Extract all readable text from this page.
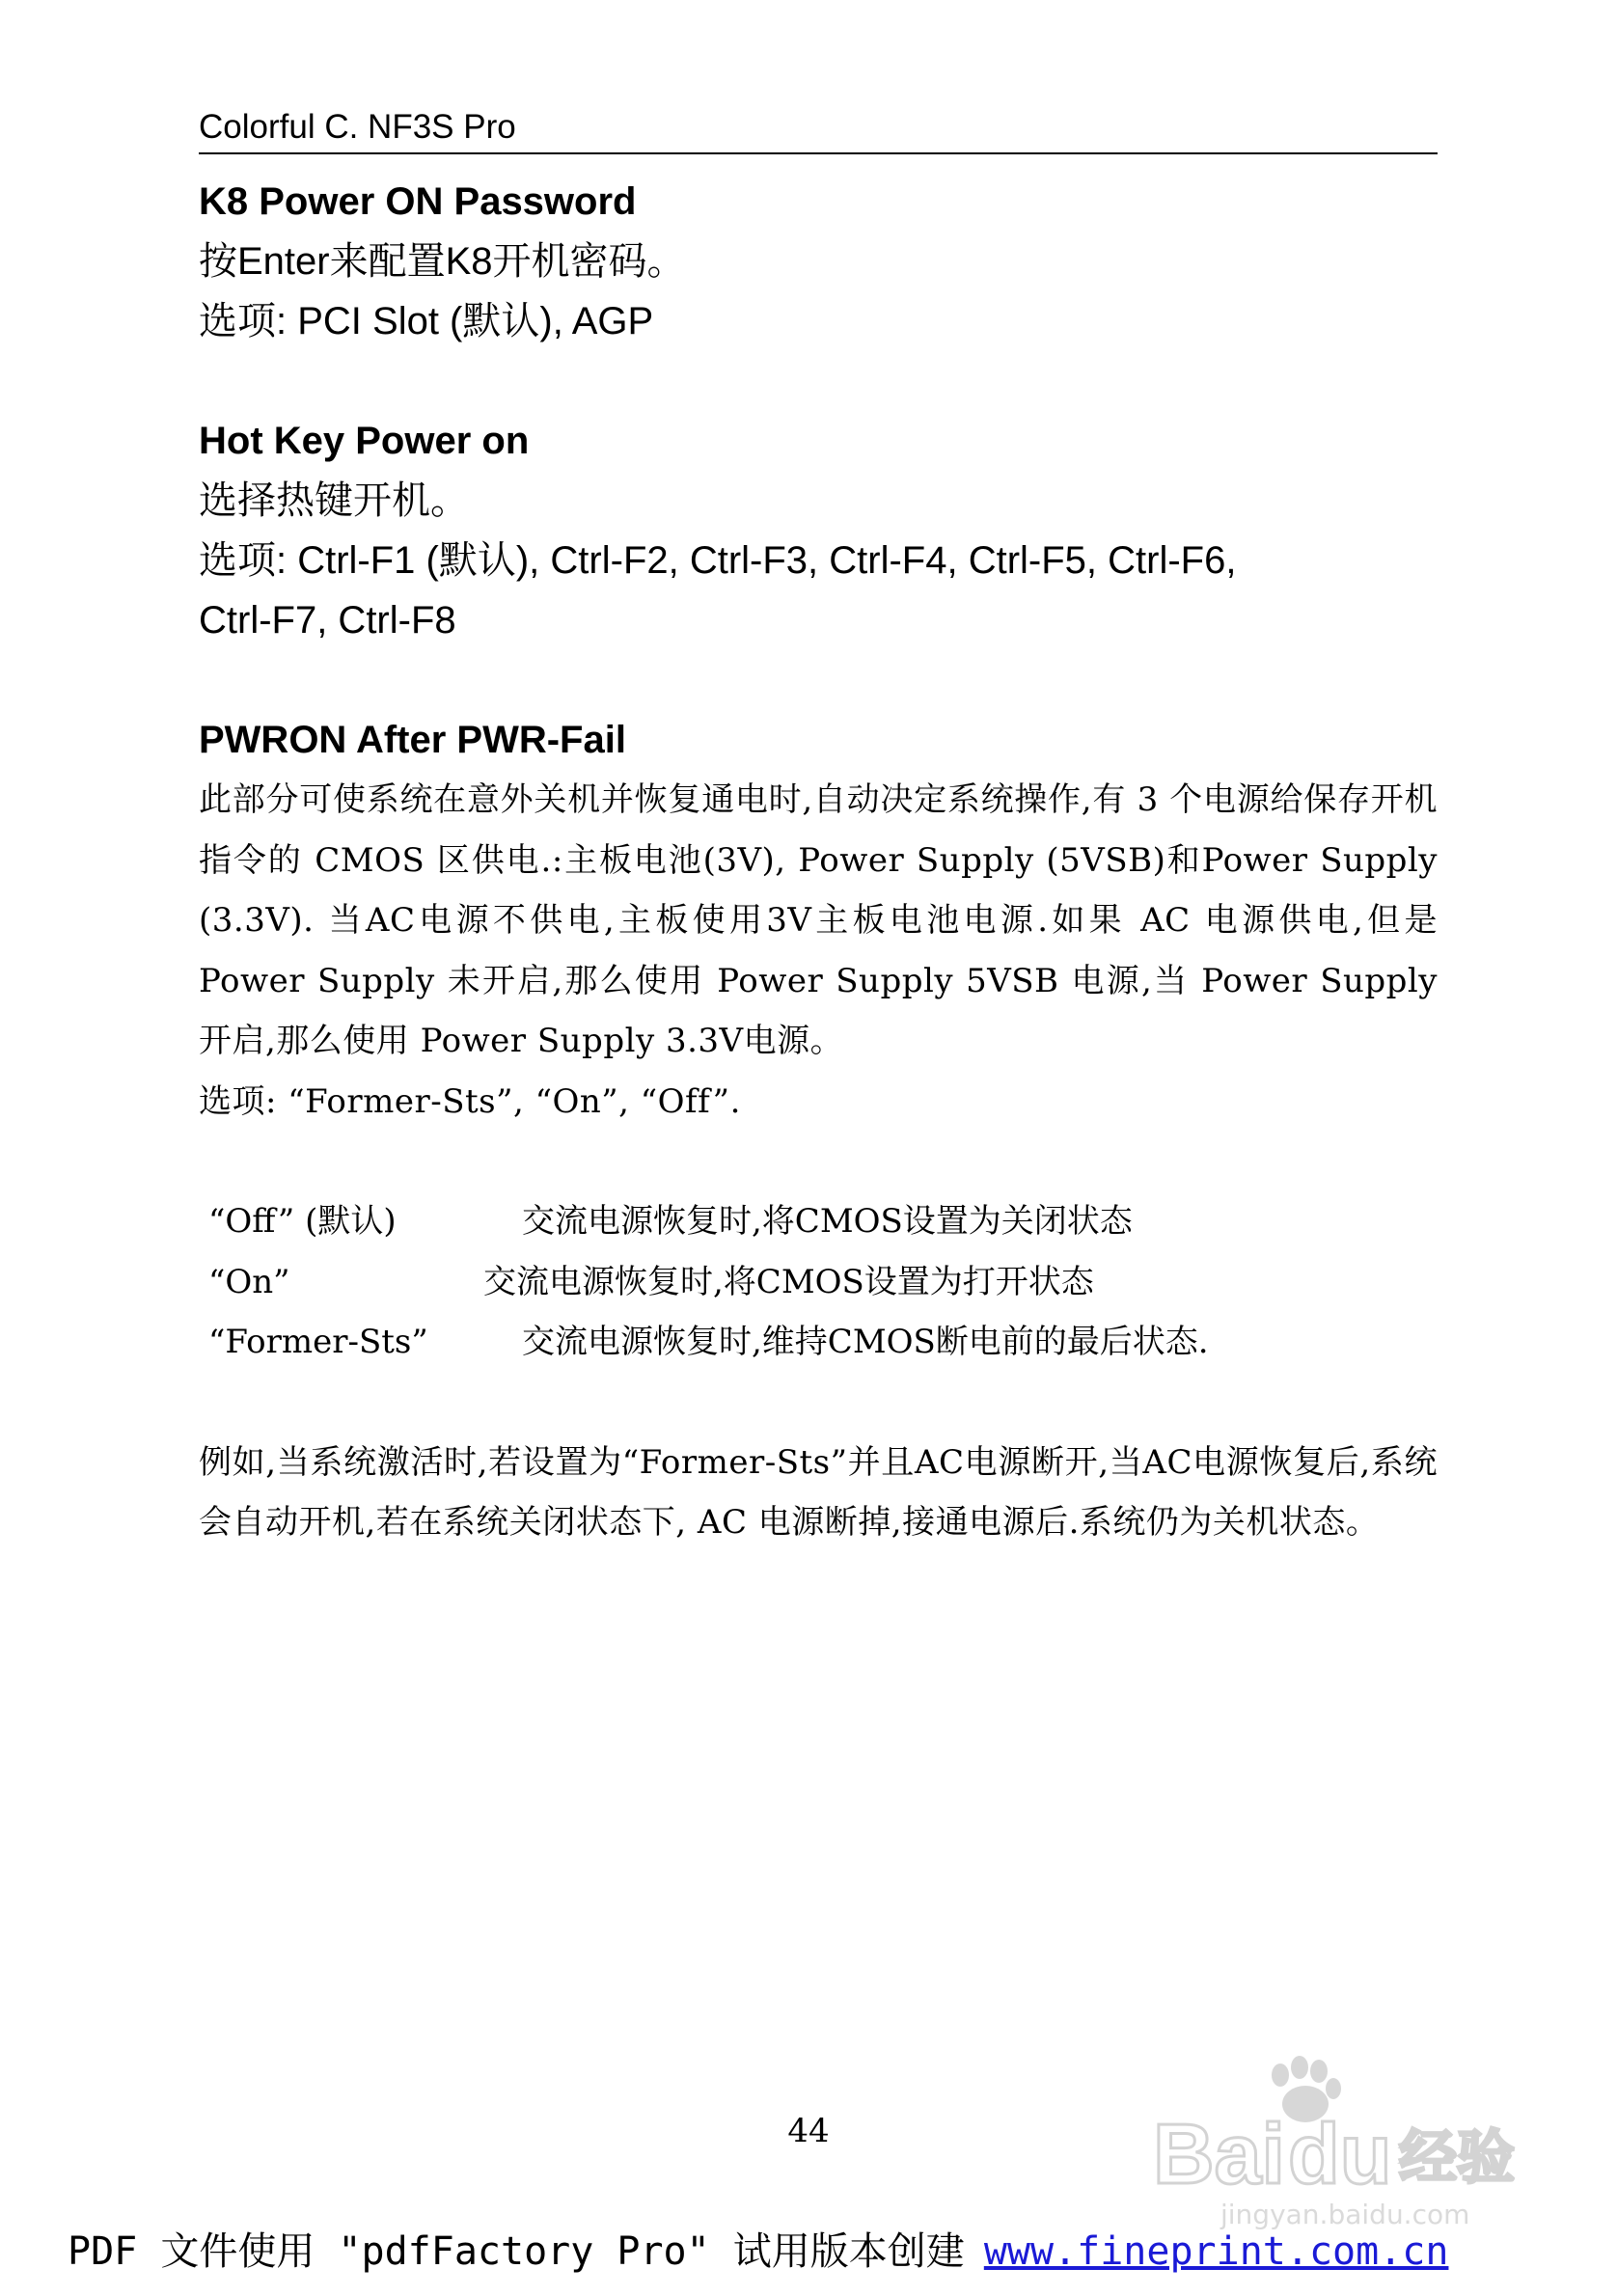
Colorful C. NF3S Pro

K8 Power ON Password

按Enter来配置K8开机密码。

选项: PCI Slot (默认), AGP

Hot Key Power on

选择热键开机。

选项: Ctrl-F1 (默认), Ctrl-F2, Ctrl-F3, Ctrl-F4, Ctrl-F5, Ctrl-F6,

Ctrl-F7, Ctrl-F8

PWRON After PWR-Fail

此部分可使系统在意外关机并恢复通电时,自动决定系统操作,有 3 个电源给保存开机指令的 CMOS 区供电.:主板电池(3V), Power Supply (5VSB)和Power Supply (3.3V). 当AC电源不供电,主板使用3V主板电池电源.如果 AC 电源供电,但是 Power Supply 未开启,那么使用 Power Supply 5VSB 电源,当 Power Supply 开启,那么使用 Power Supply 3.3V电源。

选项: “Former-Sts”, “On”, “Off”.

“Off” (默认)	交流电源恢复时,将CMOS设置为关闭状态
“On”	交流电源恢复时,将CMOS设置为打开状态
“Former-Sts”	交流电源恢复时,维持CMOS断电前的最后状态.

例如,当系统激活时,若设置为“Former-Sts”并且AC电源断开,当AC电源恢复后,系统会自动开机,若在系统关闭状态下, AC 电源断掉,接通电源后.系统仍为关机状态。

44	Bai du 经验
jingyan.baidu.com
PDF 文件使用 "pdfFactory Pro" 试用版本创建 www.fineprint.com.cn
